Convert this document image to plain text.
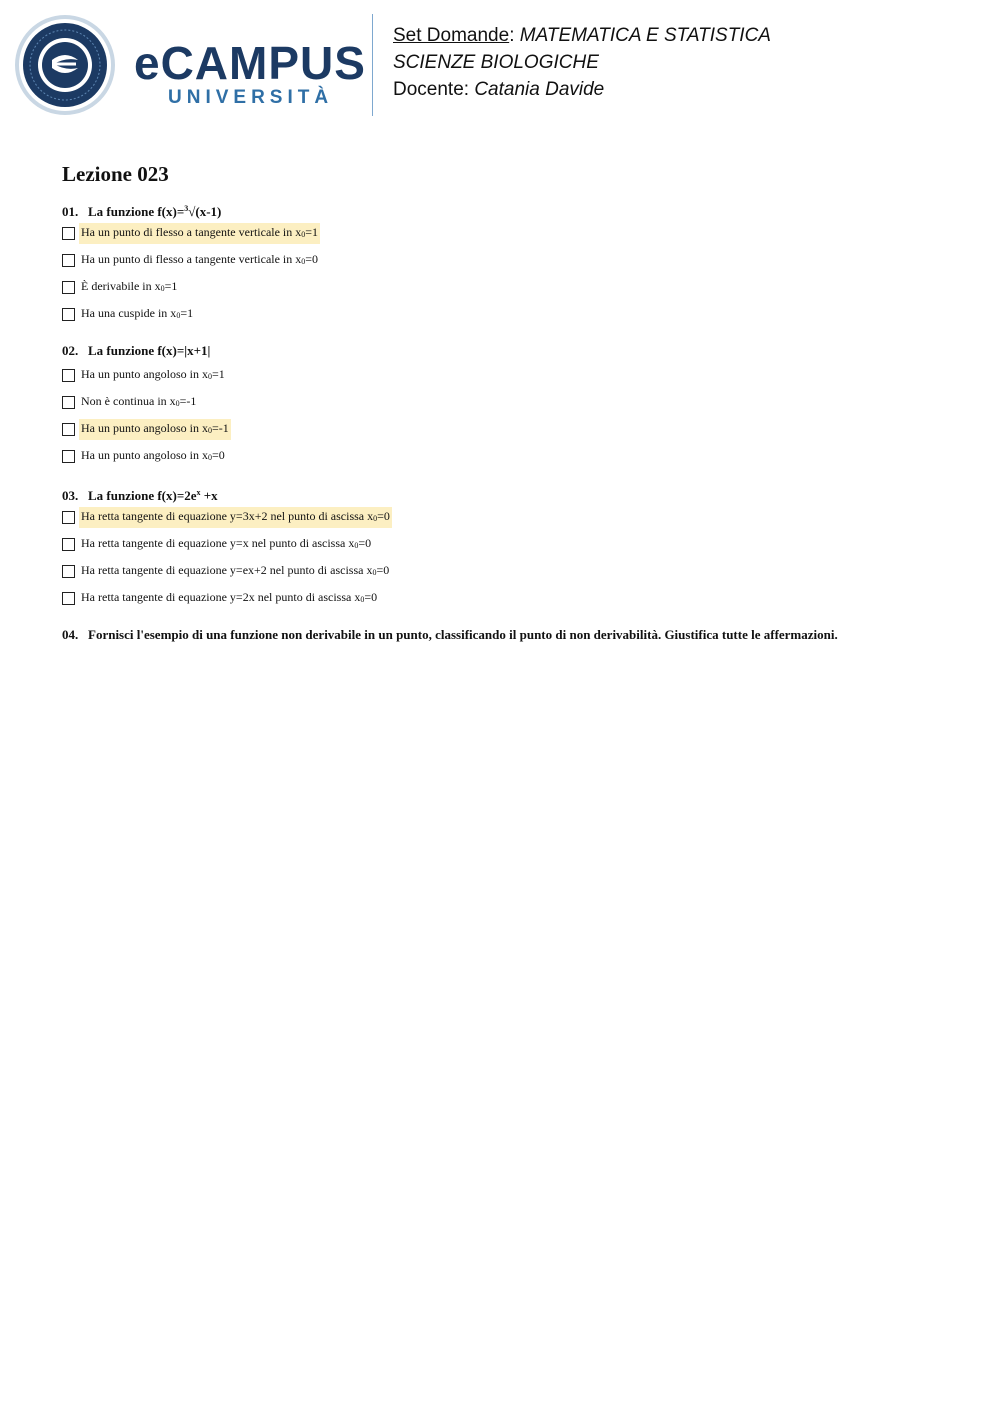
eCAMPUS
UNIVERSITÀ
Set Domande: MATEMATICA E STATISTICA
SCIENZE BIOLOGICHE
Docente: Catania Davide
Lezione 023
01. La funzione f(x)=$^3$√(x-1)
Ha un punto di flesso a tangente verticale in $x_0=1$
Ha un punto di flesso a tangente verticale in $x_0=0$
È derivabile in $x_0=1$
Ha una cuspide in $x_0=1$
02. La funzione f(x)=|x+1|
Ha un punto angoloso in $x_0=1$
Non è continua in $x_0=-1$
Ha un punto angoloso in $x_0=-1$
Ha un punto angoloso in $x_0=0$
03. La funzione $f(x)=2e^x +x$
Ha retta tangente di equazione y=3x+2 nel punto di ascissa $x_0=0$
Ha retta tangente di equazione y=x nel punto di ascissa $x_0=0$
Ha retta tangente di equazione y=ex+2 nel punto di ascissa $x_0=0$
Ha retta tangente di equazione y=2x nel punto di ascissa $x_0=0$
04. Fornisci l'esempio di una funzione non derivabile in un punto, classificando il punto di non derivabilità. Giustifica tutte le affermazioni.
